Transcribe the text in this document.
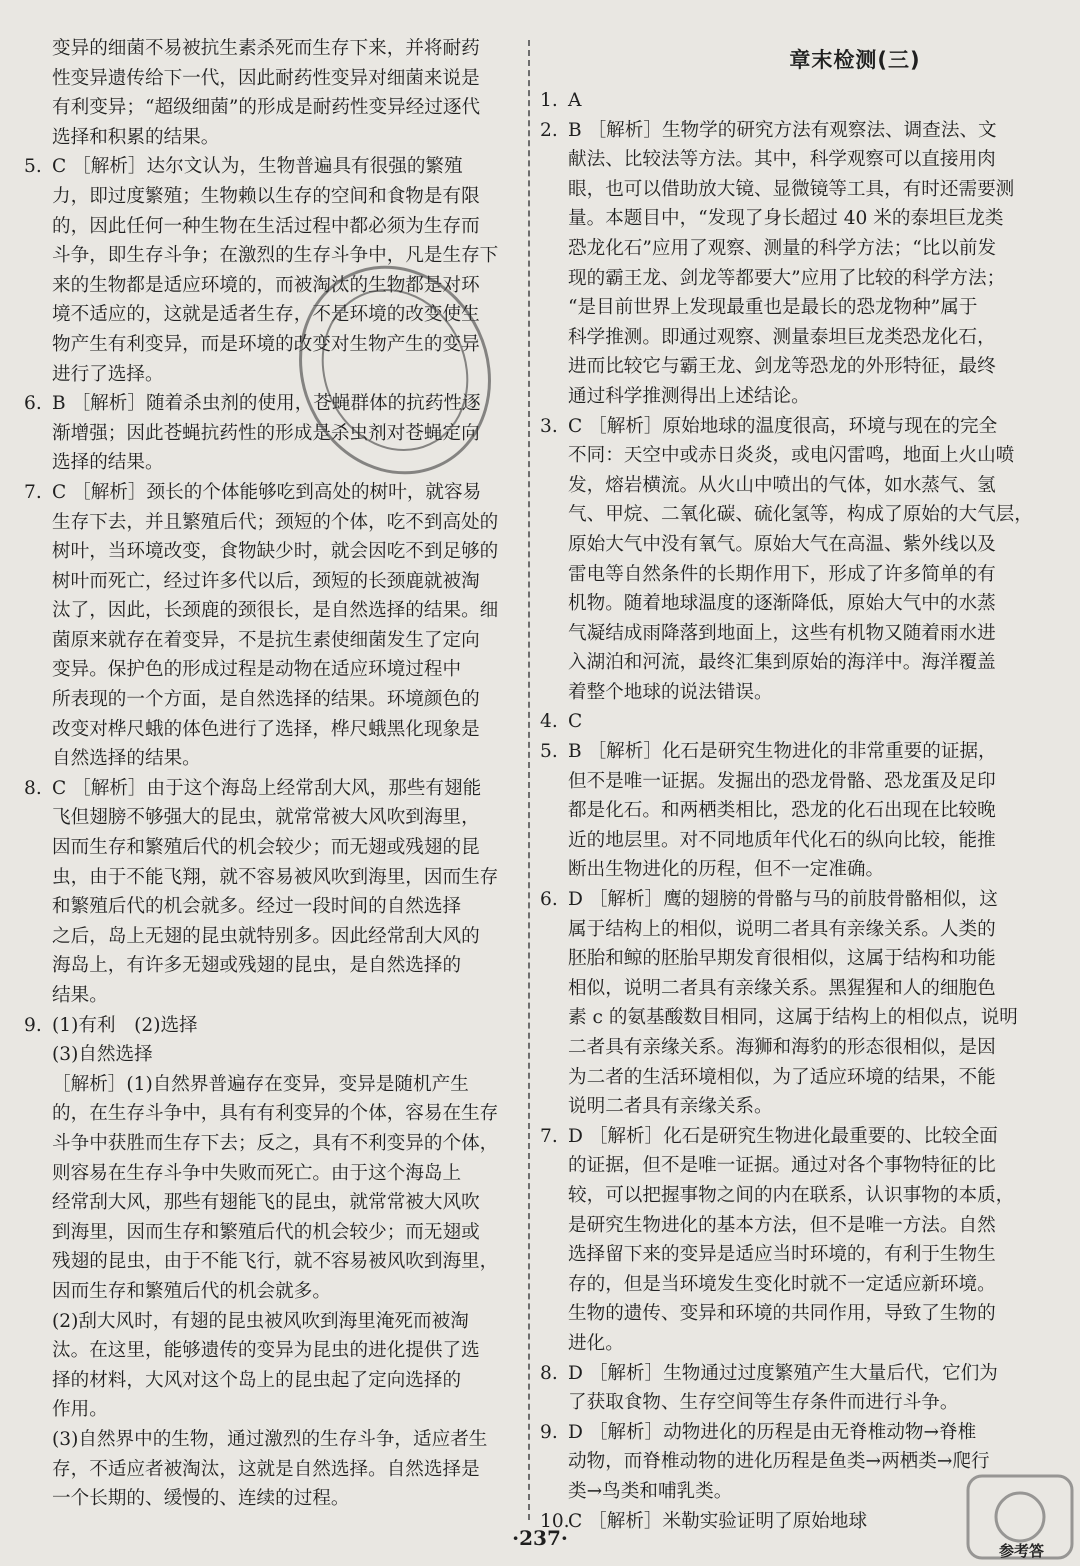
变异的细菌不易被抗生素杀死而生存下来，并将耐药
性变异遗传给下一代，因此耐药性变异对细菌来说是
有利变异；“超级细菌”的形成是耐药性变异经过逐代
选择和积累的结果。
5. C ［解析］达尔文认为，生物普遍具有很强的繁殖
力，即过度繁殖；生物赖以生存的空间和食物是有限
的，因此任何一种生物在生活过程中都必须为生存而
斗争，即生存斗争；在激烈的生存斗争中，凡是生存下
来的生物都是适应环境的，而被淘汰的生物都是对环
境不适应的，这就是适者生存，不是环境的改变使生
物产生有利变异，而是环境的改变对生物产生的变异
进行了选择。
6. B ［解析］随着杀虫剂的使用，苍蝇群体的抗药性逐
渐增强；因此苍蝇抗药性的形成是杀虫剂对苍蝇定向
选择的结果。
7. C ［解析］颈长的个体能够吃到高处的树叶，就容易
生存下去，并且繁殖后代；颈短的个体，吃不到高处的
树叶，当环境改变，食物缺少时，就会因吃不到足够的
树叶而死亡，经过许多代以后，颈短的长颈鹿就被淘
汰了，因此，长颈鹿的颈很长，是自然选择的结果。细
菌原来就存在着变异，不是抗生素使细菌发生了定向
变异。保护色的形成过程是动物在适应环境过程中
所表现的一个方面，是自然选择的结果。环境颜色的
改变对桦尺蛾的体色进行了选择，桦尺蛾黑化现象是
自然选择的结果。
8. C ［解析］由于这个海岛上经常刮大风，那些有翅能
飞但翅膀不够强大的昆虫，就常常被大风吹到海里，
因而生存和繁殖后代的机会较少；而无翅或残翅的昆
虫，由于不能飞翔，就不容易被风吹到海里，因而生存
和繁殖后代的机会就多。经过一段时间的自然选择
之后，岛上无翅的昆虫就特别多。因此经常刮大风的
海岛上，有许多无翅或残翅的昆虫，是自然选择的
结果。
9. (1)有利　(2)选择
(3)自然选择
［解析］(1)自然界普遍存在变异，变异是随机产生
的，在生存斗争中，具有有利变异的个体，容易在生存
斗争中获胜而生存下去；反之，具有不利变异的个体，
则容易在生存斗争中失败而死亡。由于这个海岛上
经常刮大风，那些有翅能飞的昆虫，就常常被大风吹
到海里，因而生存和繁殖后代的机会较少；而无翅或
残翅的昆虫，由于不能飞行，就不容易被风吹到海里，
因而生存和繁殖后代的机会就多。
(2)刮大风时，有翅的昆虫被风吹到海里淹死而被淘
汰。在这里，能够遗传的变异为昆虫的进化提供了选
择的材料，大风对这个岛上的昆虫起了定向选择的
作用。
(3)自然界中的生物，通过激烈的生存斗争，适应者生
存，不适应者被淘汰，这就是自然选择。自然选择是
一个长期的、缓慢的、连续的过程。
章末检测(三)
1. A
2. B ［解析］生物学的研究方法有观察法、调查法、文
献法、比较法等方法。其中，科学观察可以直接用肉
眼，也可以借助放大镜、显微镜等工具，有时还需要测
量。本题目中，“发现了身长超过 40 米的泰坦巨龙类
恐龙化石”应用了观察、测量的科学方法；“比以前发
现的霸王龙、剑龙等都要大”应用了比较的科学方法；
“是目前世界上发现最重也是最长的恐龙物种”属于
科学推测。即通过观察、测量泰坦巨龙类恐龙化石，
进而比较它与霸王龙、剑龙等恐龙的外形特征，最终
通过科学推测得出上述结论。
3. C ［解析］原始地球的温度很高，环境与现在的完全
不同：天空中或赤日炎炎，或电闪雷鸣，地面上火山喷
发，熔岩横流。从火山中喷出的气体，如水蒸气、氢
气、甲烷、二氧化碳、硫化氢等，构成了原始的大气层，
原始大气中没有氧气。原始大气在高温、紫外线以及
雷电等自然条件的长期作用下，形成了许多简单的有
机物。随着地球温度的逐渐降低，原始大气中的水蒸
气凝结成雨降落到地面上，这些有机物又随着雨水进
入湖泊和河流，最终汇集到原始的海洋中。海洋覆盖
着整个地球的说法错误。
4. C
5. B ［解析］化石是研究生物进化的非常重要的证据，
但不是唯一证据。发掘出的恐龙骨骼、恐龙蛋及足印
都是化石。和两栖类相比，恐龙的化石出现在比较晚
近的地层里。对不同地质年代化石的纵向比较，能推
断出生物进化的历程，但不一定准确。
6. D ［解析］鹰的翅膀的骨骼与马的前肢骨骼相似，这
属于结构上的相似，说明二者具有亲缘关系。人类的
胚胎和鲸的胚胎早期发育很相似，这属于结构和功能
相似，说明二者具有亲缘关系。黑猩猩和人的细胞色
素 c 的氨基酸数目相同，这属于结构上的相似点，说明
二者具有亲缘关系。海狮和海豹的形态很相似，是因
为二者的生活环境相似，为了适应环境的结果，不能
说明二者具有亲缘关系。
7. D ［解析］化石是研究生物进化最重要的、比较全面
的证据，但不是唯一证据。通过对各个事物特征的比
较，可以把握事物之间的内在联系，认识事物的本质，
是研究生物进化的基本方法，但不是唯一方法。自然
选择留下来的变异是适应当时环境的，有利于生物生
存的，但是当环境发生变化时就不一定适应新环境。
生物的遗传、变异和环境的共同作用，导致了生物的
进化。
8. D ［解析］生物通过过度繁殖产生大量后代，它们为
了获取食物、生存空间等生存条件而进行斗争。
9. D ［解析］动物进化的历程是由无脊椎动物→脊椎
动物，而脊椎动物的进化历程是鱼类→两栖类→爬行
类→鸟类和哺乳类。
10.C ［解析］米勒实验证明了原始地球
·237·
参考答
